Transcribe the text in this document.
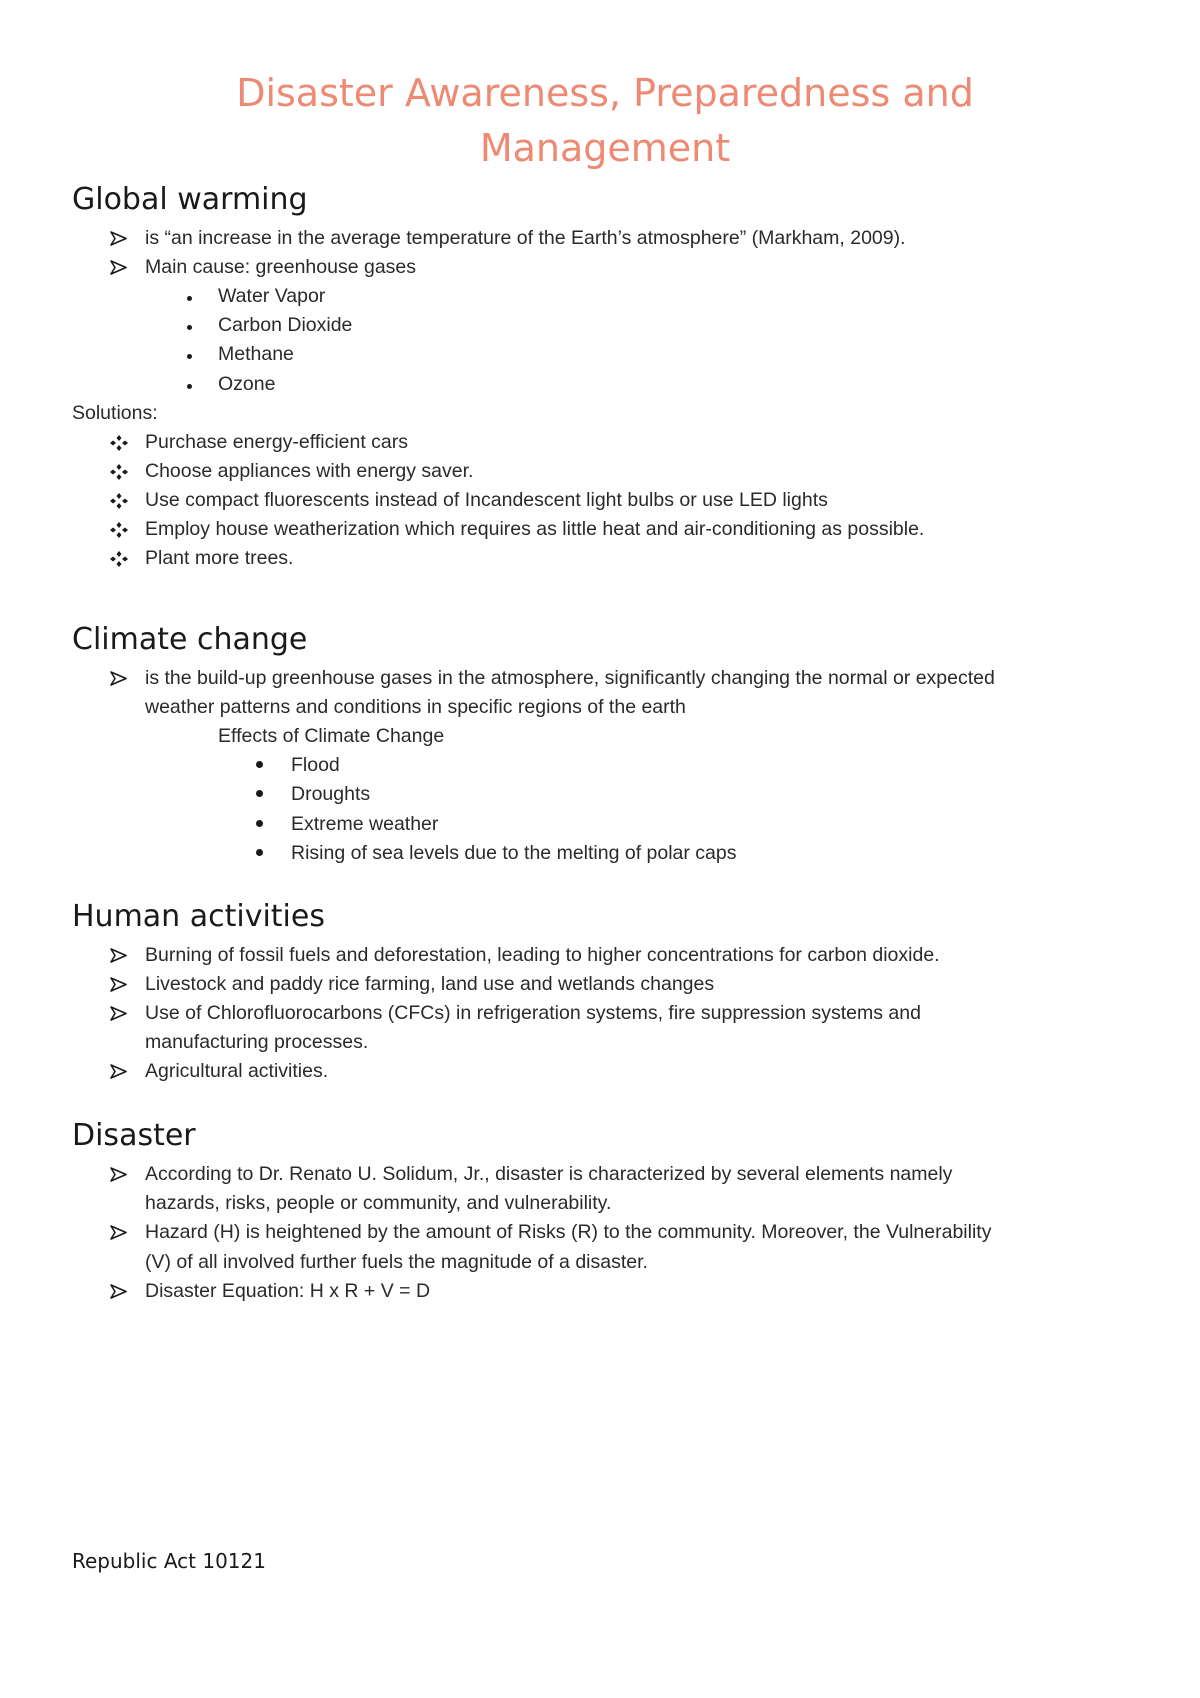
Disaster Awareness, Preparedness and
Management
Global warming
is “an increase in the average temperature of the Earth’s atmosphere” (Markham, 2009).
Main cause: greenhouse gases
Water Vapor
Carbon Dioxide
Methane
Ozone
Solutions:
Purchase energy-efficient cars
Choose appliances with energy saver.
Use compact fluorescents instead of Incandescent light bulbs or use LED lights
Employ house weatherization which requires as little heat and air-conditioning as possible.
Plant more trees.
Climate change
is the build-up greenhouse gases in the atmosphere, significantly changing the normal or expected
weather patterns and conditions in specific regions of the earth
Effects of Climate Change
Flood
Droughts
Extreme weather
Rising of sea levels due to the melting of polar caps
Human activities
Burning of fossil fuels and deforestation, leading to higher concentrations for carbon dioxide.
Livestock and paddy rice farming, land use and wetlands changes
Use of Chlorofluorocarbons (CFCs) in refrigeration systems, fire suppression systems and
manufacturing processes.
Agricultural activities.
Disaster
According to Dr. Renato U. Solidum, Jr., disaster is characterized by several elements namely
hazards, risks, people or community, and vulnerability.
Hazard (H) is heightened by the amount of Risks (R) to the community. Moreover, the Vulnerability
(V) of all involved further fuels the magnitude of a disaster.
Disaster Equation: H x R + V = D
Republic Act 10121
